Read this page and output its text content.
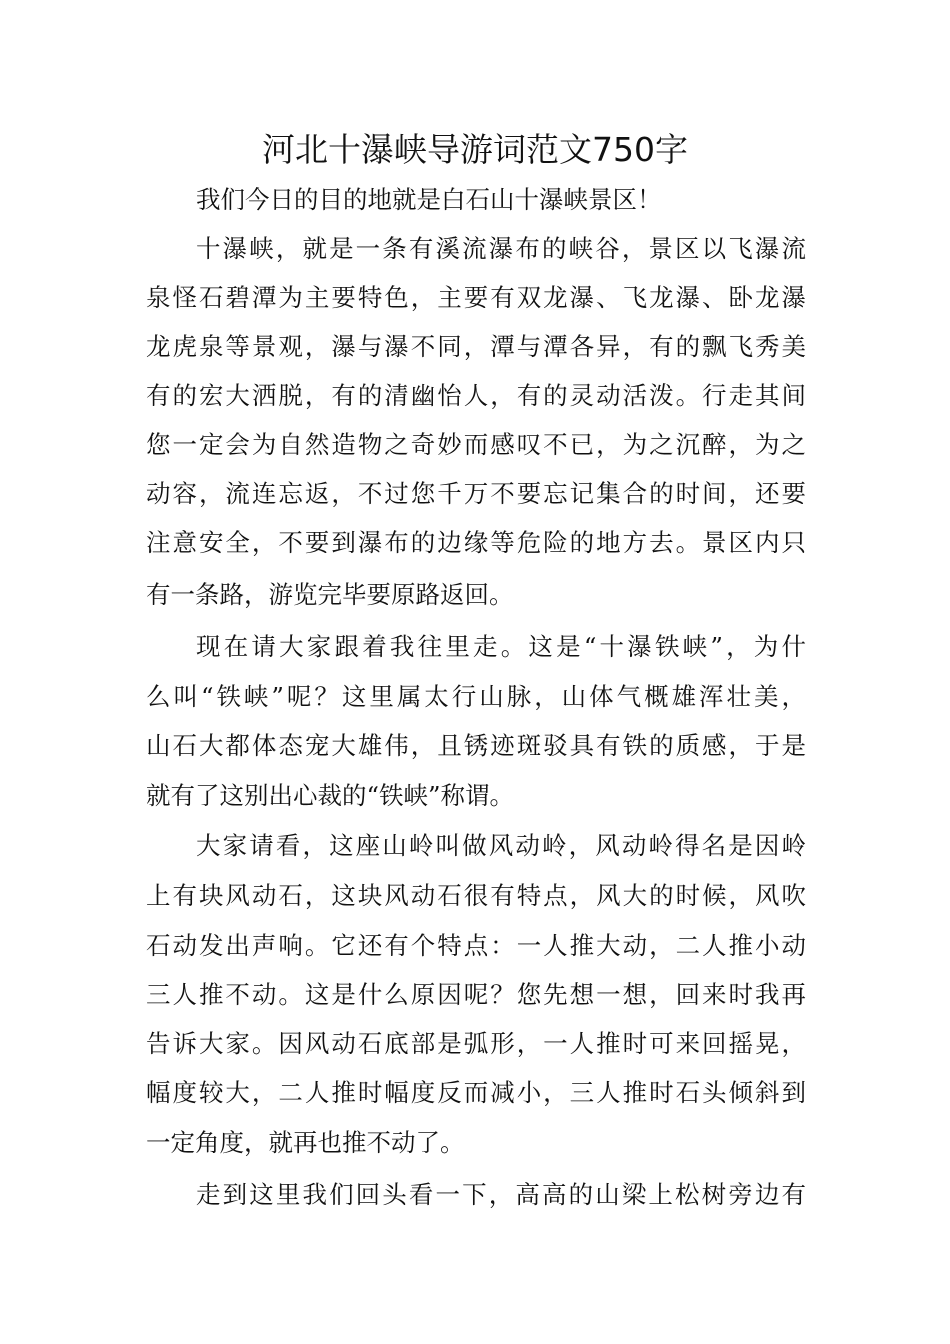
河北十瀑峡导游词范文750字
我们今日的目的地就是白石山十瀑峡景区！
十瀑峡，就是一条有溪流瀑布的峡谷，景区以飞瀑流
泉怪石碧潭为主要特色，主要有双龙瀑、飞龙瀑、卧龙瀑
龙虎泉等景观，瀑与瀑不同，潭与潭各异，有的飘飞秀美
有的宏大洒脱，有的清幽怡人，有的灵动活泼。行走其间
您一定会为自然造物之奇妙而感叹不已，为之沉醉，为之
动容，流连忘返，不过您千万不要忘记集合的时间，还要
注意安全，不要到瀑布的边缘等危险的地方去。景区内只
有一条路，游览完毕要原路返回。
现在请大家跟着我往里走。这是“十瀑铁峡”，为什
么叫“铁峡”呢？这里属太行山脉，山体气概雄浑壮美，
山石大都体态宠大雄伟，且锈迹斑驳具有铁的质感，于是
就有了这别出心裁的“铁峡”称谓。
大家请看，这座山岭叫做风动岭，风动岭得名是因岭
上有块风动石，这块风动石很有特点，风大的时候，风吹
石动发出声响。它还有个特点：一人推大动，二人推小动
三人推不动。这是什么原因呢？您先想一想，回来时我再
告诉大家。因风动石底部是弧形，一人推时可来回摇晃，
幅度较大，二人推时幅度反而减小，三人推时石头倾斜到
一定角度，就再也推不动了。
走到这里我们回头看一下，高高的山梁上松树旁边有
